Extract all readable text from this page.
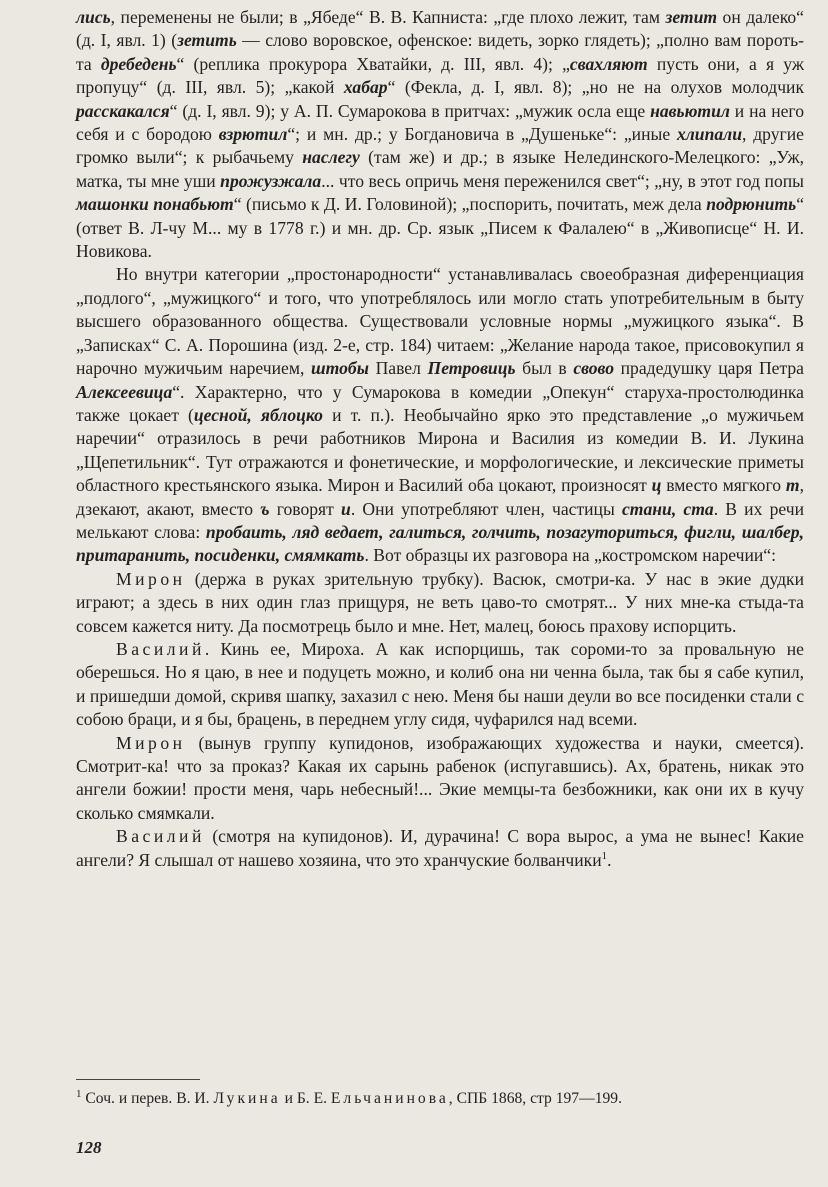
лись, переменены не были; в „Ябеде“ В. В. Капниста: „где плохо лежит, там зетит он далеко“ (д. I, явл. 1) (зетить — слово воровское, офенское: видеть, зорко глядеть); „полно вам пороть-та дребедень“ (реплика прокурора Хватайки, д. III, явл. 4); „свахляют пусть они, а я уж пропуцу“ (д. III, явл. 5); „какой хабар“ (Фекла, д. I, явл. 8); „но не на олухов молодчик расскакался“ (д. I, явл. 9); у А. П. Сумарокова в притчах: „мужик осла еще навьютил и на него себя и с бородою взрютил“; и мн. др.; у Богдановича в „Душеньке“: „иные хлипали, другие громко выли“; к рыбачьему наслегу (там же) и др.; в языке Нелединского-Мелецкого: „Уж, матка, ты мне уши прожузжала... что весь опричь меня переженился свет“; „ну, в этот год попы машонки понабьют“ (письмо к Д. И. Головиной); „поспорить, почитать, меж дела подрюнить“ (ответ В. Л-чу М... му в 1778 г.) и мн. др. Ср. язык „Писем к Фалалею“ в „Живописце“ Н. И. Новикова.

Но внутри категории „простонародности“ устанавливалась своеобразная диференциация „подлого“, „мужицкого“ и того, что употреблялось или могло стать употребительным в быту высшего образованного общества. Существовали условные нормы „мужицкого языка“. В „Записках“ С. А. Порошина (изд. 2-е, стр. 184) читаем: „Желание народа такое, присовокупил я нарочно мужичьим наречием, штобы Павел Петровиць был в свово прадедушку царя Петра Алексеевица“. Характерно, что у Сумарокова в комедии „Опекун“ старуха-простолюдинка также цокает (цесной, яблоцко и т. п.). Необычайно ярко это представление „о мужичьем наречии“ отразилось в речи работников Мирона и Василия из комедии В. И. Лукина „Щепетильник“. Тут отражаются и фонетические, и морфологические, и лексические приметы областного крестьянского языка. Мирон и Василий оба цокают, произносят ц вместо мягкого т, дзекают, акают, вместо ъ говорят и. Они употребляют член, частицы стани, ста. В их речи мелькают слова: пробаить, ляд ведает, галиться, голчить, позагуториться, фигли, шалбер, притаранить, посиденки, смямкать. Вот образцы их разговора на „костромском наречии“:

Мирон (держа в руках зрительную трубку). Васюк, смотри-ка. У нас в экие дудки играют; а здесь в них один глаз прищуря, не веть цаво-то смотрят... У них мне-ка стыда-та совсем кажется ниту. Да посмотрець было и мне. Нет, малец, боюсь прахову испорцить.

Василий. Кинь ее, Мироха. А как испорцишь, так сороми-то за провальную не оберешься. Но я цаю, в нее и подуцеть можно, и колиб она ни ченна была, так бы я сабе купил, и пришедши домой, скривя шапку, захазил с нею. Меня бы наши деули во все посиденки стали с собою браци, и я бы, брацень, в переднем углу сидя, чуфарился над всеми.

Мирон (вынув группу купидонов, изображающих художества и науки, смеется). Смотрит-ка! что за проказ? Какая их сарынь рабенок (испугавшись). Ах, братень, никак это ангели божии! прости меня, чарь небесный!... Экие мемцы-та безбожники, как они их в кучу сколько смямкали.

Василий (смотря на купидонов). И, дурачина! С вора вырос, а ума не вынес! Какие ангели? Я слышал от нашево хозяина, что это хранчуские болванчики$^1$.

$^1$ Соч. и перев. В. И. Лукина и Б. Е. Ельчанинова, СПБ 1868, стр 197—199.
128
